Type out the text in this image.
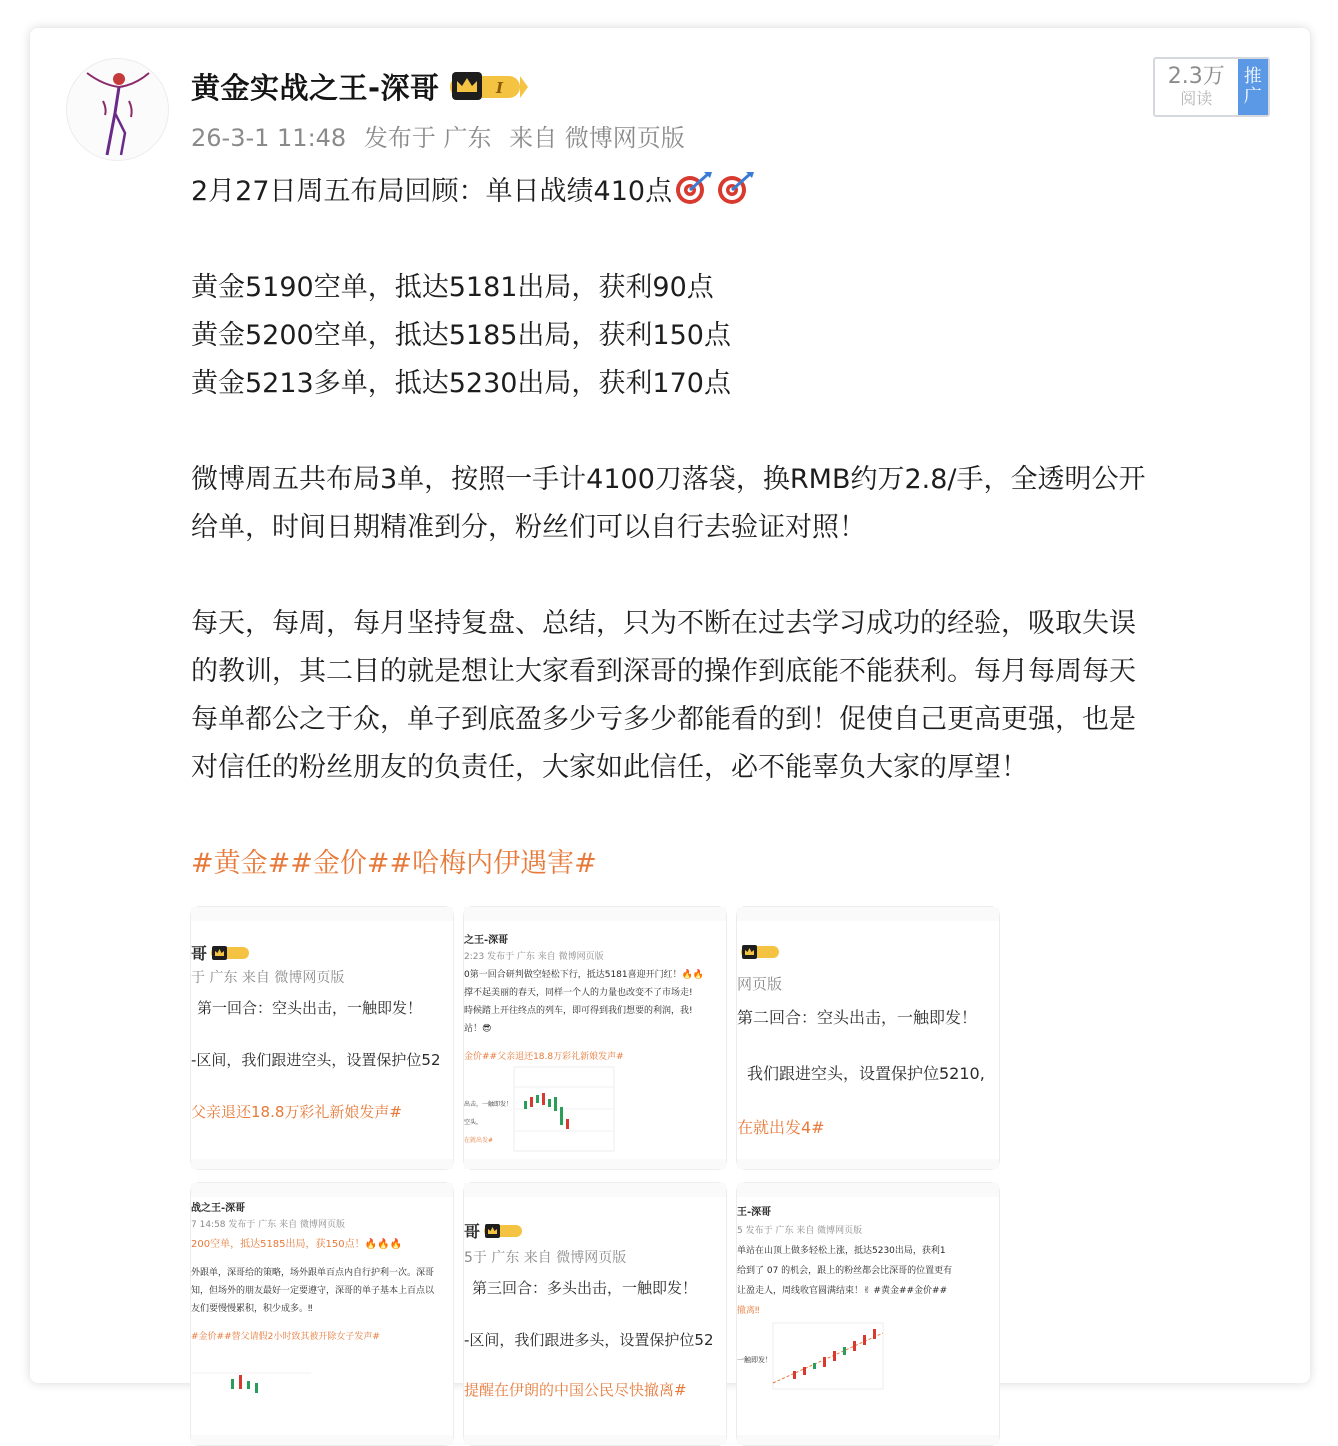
黄金实战之王-深哥	I
26-3-1 11:48 发布于 广东 来自 微博网页版
2.3万
阅读
推
广
2月27日周五布局回顾：单日战绩410点
黄金5190空单，抵达5181出局，获利90点
黄金5200空单，抵达5185出局，获利150点
黄金5213多单，抵达5230出局，获利170点
微博周五共布局3单，按照一手计4100刀落袋，换RMB约万2.8/手，全透明公开
给单，时间日期精准到分，粉丝们可以自行去验证对照！
每天，每周，每月坚持复盘、总结，只为不断在过去学习成功的经验，吸取失误
的教训，其二目的就是想让大家看到深哥的操作到底能不能获利。每月每周每天
每单都公之于众，单子到底盈多少亏多少都能看的到！促使自己更高更强，也是
对信任的粉丝朋友的负责任，大家如此信任，必不能辜负大家的厚望！
#黄金##金价##哈梅内伊遇害#
哥
于 广东 来自 微博网页版
第一回合：空头出击，一触即发！
-区间，我们跟进空头，设置保护位52
父亲退还18.8万彩礼新娘发声#
之王-深哥
2:23 发布于 广东 来自 微博网页版
0第一回合研判做空轻松下行，抵达5181喜迎开门红！🔥🔥
撑不起美丽的春天，同样一个人的力量也改变不了市场走!
時候踏上开往终点的列车，即可得到我们想要的利润，我!
站！😎
金价##父亲退还18.8万彩礼新娘发声#
出击，一触即发！
空头，
在就出发#
网页版
第二回合：空头出击，一触即发！
我们跟进空头，设置保护位5210,
在就出发4#
战之王-深哥
7 14:58 发布于 广东 来自 微博网页版
200空单，抵达5185出局，获150点！🔥🔥🔥
外跟单，深哥给的策略，场外跟单百点内自行护利一次。深哥
知，但场外的朋友最好一定要遵守，深哥的单子基本上百点以
友们要慢慢累积，积少成多。‼
#金价##替父请假2小时致其被开除女子发声#
哥
5于 广东 来自 微博网页版
第三回合：多头出击，一触即发！
-区间，我们跟进多头，设置保护位52
提醒在伊朗的中国公民尽快撤离#
王-深哥
5 发布于 广东 来自 微博网页版
单站在山顶上做多轻松上涨，抵达5230出局，获利1
给到了 07 的机会，跟上的粉丝都会比深哥的位置更有
让盈走人，周线收官圆满结束！✌ #黄金##金价##
撤离‼
一触即发！
